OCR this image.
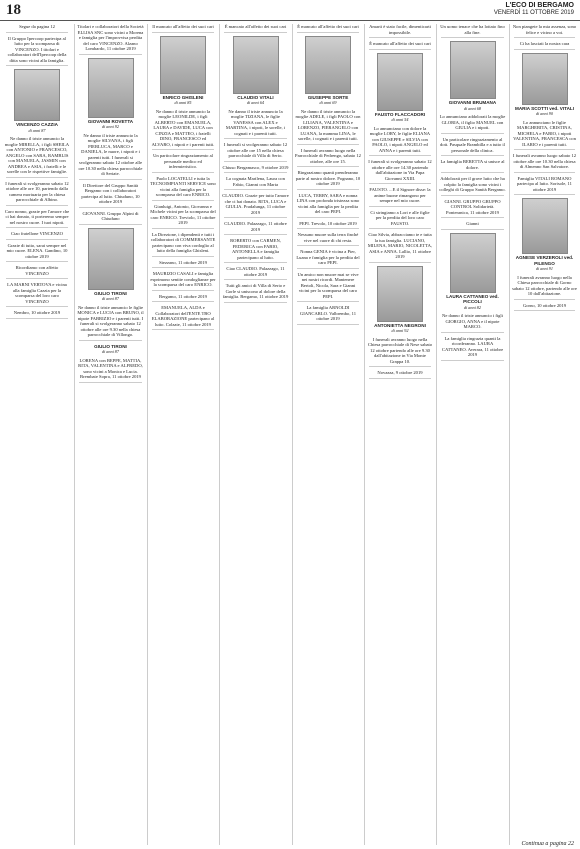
18	L'ECO DI BERGAMO
VENERDÌ 11 OTTOBRE 2019

Segue da pagina 12

Il Gruppo Ipercoop partecipa al lutto per la scomparsa di VINCENZO. I titolari e collaboratori dell'Ipercoop della ditta sono vicini alla famiglia.

VINCENZO CAZZIA
di anni 87

Ne danno il triste annuncio la moglie MIRELLA, i figli SHEILA con ANTONIO e FRANCESCO, ANGELO con SARA, RAMBLIS con MANUELA, JASMIN con ANDREA e ASIA, i fratelli e le sorelle con le rispettive famiglie.

I funerali si svolgeranno sabato 12 ottobre alle ore 10, partendo dalla camera mortuaria per la chiesa parrocchiale di Albino.

Caro nonno, grazie per l'amore che ci hai donato, ti porteremo sempre nel nostro cuore. I tuoi nipoti.

Ciao fratellone VINCENZO

Grazie di tutto, sarai sempre nel mio cuore. ELENA. Gandino, 10 ottobre 2019

Ricordiamo con affetto VINCENZO

LA MARNI VERTOVA e vicina alla famiglia Cazzia per la scomparsa del loro caro VINCENZO

Nembro, 10 ottobre 2019

Titolari e collaboratori della Società ELLISA SNC sono vicini a Morena e famiglia per l'improvvisa perdita del caro VINCENZO. Alzano Lombardo, 11 ottobre 2019

GIOVANNI ROVETTA
di anni 92

Ne danno il triste annuncio la moglie SILVANA, i figli PIERLUCA, MARCO e DANIELA, le nuore, i nipoti e i parenti tutti. I funerali si svolgeranno sabato 12 ottobre alle ore 10.30 nella chiesa parrocchiale di Seriate.

Il Direttore del Gruppo Sanità Bergamo con i collaboratori partecipa al lutto. Chiuduno, 10 ottobre 2019

GIOVANNI. Gruppo Alpini di Chiuduno

GIULIO TIRONI
di anni 87

Ne danno il triste annuncio le figlie MONICA e LUCIA con BRUNO, il nipote FABRIZIO e i parenti tutti. I funerali si svolgeranno sabato 12 ottobre alle ore 9.30 nella chiesa parrocchiale di Villongo.

GIULIO TIRONI
di anni 87

LORENA con BEPPE, MATTIA, RITA, VALENTINA e ALFREDO, sono vicini a Monica e Lucia. Brembate Sopra, 11 ottobre 2019

Il mancato all'affetto dei suoi cari

ENRICO GHISLENI
di anni 85

Ne danno il triste annuncio la moglie LEONILDE, i figli ALBERTO con EMANUELA, LAURA e DAVIDE, LUCA con CINZIA e MATTEO, i fratelli DINO, FRANCESCO ed ALVARO, i nipoti e i parenti tutti.

Un particolare ringraziamento al personale medico ed infermieristico.

Paolo LOCATELLI e tutta la TECNOIMPIANTI SERVICE sono vicini alla famiglia per la scomparsa del caro ENRICO.

Gianluigi, Antonio, Giovanna e Michele vicini per la scomparsa del caro ENRICO. Treviolo, 11 ottobre 2019

La Direzione, i dipendenti e tutti i collaboratori di COMMERSANTE partecipano con viva cordoglio al lutto della famiglia Ghisleni.

Stezzano, 11 ottobre 2019

MAURIZIO CASALI e famiglia esprimono sentite condoglianze per la scomparsa del caro ENRICO.

Bergamo, 11 ottobre 2019

EMANUELA, ALDA e Collaboratori dell'ENTE TBO ELABORAZIONE partecipano al lutto. Colzate, 11 ottobre 2019

È mancato all'affetto dei suoi cari

CLAUDIO VITALI
di anni 64

Ne danno il triste annuncio la moglie TIZIANA, le figlie VANESSA con ALEX e MARTINA, i nipoti, le sorelle, i cognati e i parenti tutti.

I funerali si svolgeranno sabato 12 ottobre alle ore 15 nella chiesa parrocchiale di Villa di Serio.

Chiuso Bergamasco, 9 ottobre 2019

La cognata Marilena, Laura con Fabio, Gianni con Marta

CLAUDIO. Grazie per tutto l'amore che ci hai donato. RITA, LUCA e GIULIA. Pradalunga, 11 ottobre 2019

CLAUDIO. Palazzago, 11 ottobre 2019

ROBERTO con CARMEN, FEDERICA con FABIO, ANTONELLA e famiglia partecipano al lutto.

Ciao CLAUDIO. Palazzago, 11 ottobre 2019

Tutti gli amici di Villa di Serio e Gorle si uniscono al dolore della famiglia. Bergamo, 11 ottobre 2019

È mancato all'affetto dei suoi cari

GIUSEPPE SORTE
di anni 69

Ne danno il triste annuncio la moglie ADELE, i figli PAOLO con LILIANA, VALENTINA e LORENZO, PIERANGELO con LUANA, la mamma LINA, le sorelle, i cognati e i parenti tutti.

I funerali avranno luogo nella Parrocchiale di Pedrengo, sabato 12 ottobre, alle ore 15.

Ringraziamo quanti prenderanno parte al nostro dolore. Pognano, 10 ottobre 2019

LUCA, TERRY, SARA e nonna LINA con profonda tristezza sono vicini alla famiglia per la perdita del caro PEPI.

PEPI. Trevolo, 10 ottobre 2019

Nessuno muore sulla terra finché vive nel cuore di chi resta.

Nonna GENIA è vicina a Pier, Luana e famiglia per la perdita del caro PEPI.

Un amico non muore mai se vive nei nostri ricordi. Mantenere Bertoli, Nicola, Sara e Gianni vicini per la scomparsa del caro PEPI.

La famiglia ARNOLDI GIANCARLO. Valbrembo, 11 ottobre 2019

Amarti è stato facile, dimenticarti impossibile.

È mancato all'affetto dei suoi cari

FAUSTO FLACCADORI
di anni 54

Lo annunciano con dolore la moglie LORY, le figlie ELIANA con GIUSEPPE e SILVIA con PAOLO, i nipoti ANGELO ed ANNA e i parenti tutti.

I funerali si svolgeranno sabato 12 ottobre alle ore 14.30 partendo dall'abitazione in Via Papa Giovanni XXIII.

FAUSTO. ...E il Signore disse: la anime buone rimangono per sempre nel mio cuore.

Ci stringiamo a Lori e alle figlie per la perdita del loro caro FAUSTO.

Ciao Silvia, abbracciamo te e tutta la tua famiglia. LUCIANO, MILENA, MARIO, NICOLETTA, ASIA e ANNA. Lallio, 11 ottobre 2019

ANTONIETTA NEGRONI
di anni 92

I funerali avranno luogo nella Chiesa parrocchiale di Nese sabato 12 ottobre partendo alle ore 9.30 dall'abitazione in Via Monte Grappa 10.

Novazza, 9 ottobre 2019

Un uomo tenace che ha lottato fino alla fine.

GIOVANNI BRUMANA
di anni 68

Lo annunciano addolorati la moglie GLORIA, il figlio MANUEL con GIULIA e i nipoti.

Un particolare ringraziamento al dott. Pasquale Brambilla e a tutto il personale della clinica.

La famiglia BERETTA si unisce al dolore.

Addolorati per il grave lutto che ha colpito la famiglia sono vicini i colleghi di Gruppo Sanità Bergamo.

GIANNI. GRUPPO GRUPPO CONTROL Solidarietà. Ponteranica, 11 ottobre 2019

Gianni

LAURA CATTANEO ved. PICCOLI
di anni 82

Ne danno il triste annuncio i figli GIORGIO, ANNA e il nipote MARCO.

La famiglia ringrazia quanti la ricorderanno. LAURA CATTANEO. Averara, 11 ottobre 2019

Non piangete la mia assenza, sono felice e vicino a voi.

Ci ha lasciati la nostra cara

MARIA SCOTTI ved. VITALI
di anni 90

Lo annunciano le figlie MARGHERITA, CRISTINA, MICHELA e FABIO, i nipoti VALENTINA, FRANCESCA con ILARIO e i parenti tutti.

I funerali avranno luogo sabato 12 ottobre alle ore 10.30 nella chiesa di Almenno San Salvatore.

Famiglia VITALI ROMANO partecipa al lutto. Sorisole, 11 ottobre 2019

AGNESE VERZEROLI ved. PILENGO
di anni 91

I funerali avranno luogo nella Chiesa parrocchiale di Gorno sabato 12 ottobre, partendo alle ore 10 dall'abitazione.

Gorno, 10 ottobre 2019

Continua a pagina 22
